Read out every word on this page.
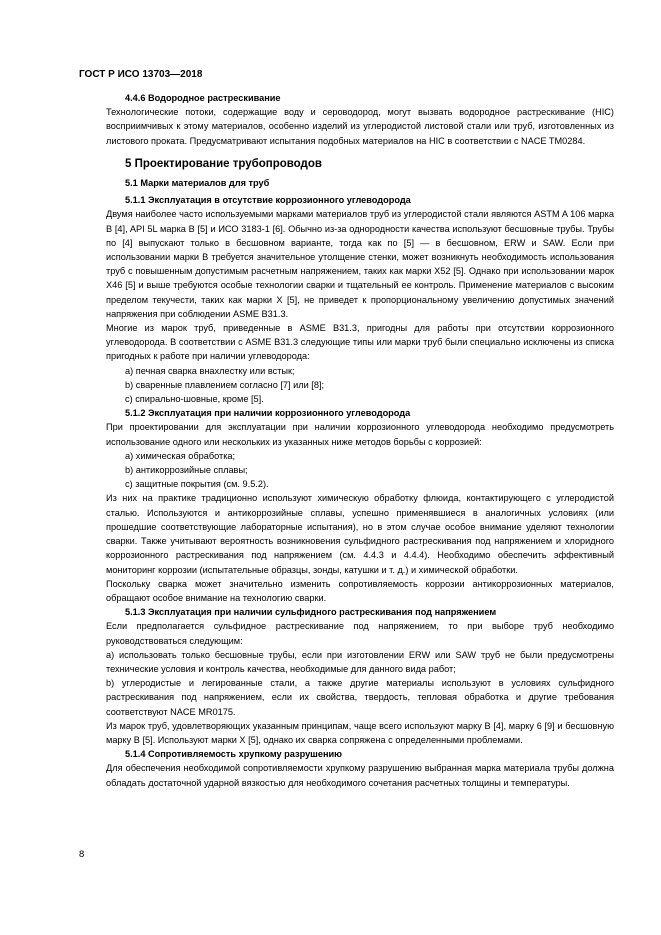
ГОСТ Р ИСО 13703—2018

4.4.6 Водородное растрескивание

Технологические потоки, содержащие воду и сероводород, могут вызвать водородное растрескивание (HIC) восприимчивых к этому материалов, особенно изделий из углеродистой листовой стали или труб, изготовленных из листового проката. Предусматривают испытания подобных материалов на HIC в соответствии с NACE TM0284.

5 Проектирование трубопроводов

5.1 Марки материалов для труб

5.1.1 Эксплуатация в отсутствие коррозионного углеводорода

Двумя наиболее часто используемыми марками материалов труб из углеродистой стали являются ASTM A 106 марка B [4], API 5L марка B [5] и ИСО 3183-1 [6]. Обычно из-за однородности качества используют бесшовные трубы. Трубы по [4] выпускают только в бесшовном варианте, тогда как по [5] — в бесшовном, ERW и SAW. Если при использовании марки B требуется значительное утолщение стенки, может возникнуть необходимость использования труб с повышенным допустимым расчетным напряжением, таких как марки X52 [5]. Однако при использовании марок X46 [5] и выше требуются особые технологии сварки и тщательный ее контроль. Применение материалов с высоким пределом текучести, таких как марки X [5], не приведет к пропорциональному увеличению допустимых значений напряжения при соблюдении ASME B31.3.

Многие из марок труб, приведенные в ASME B31.3, пригодны для работы при отсутствии коррозионного углеводорода. В соответствии с ASME B31.3 следующие типы или марки труб были специально исключены из списка пригодных к работе при наличии углеводорода:

a) печная сварка внахлестку или встык;

b) сваренные плавлением согласно [7] или [8];

c) спирально-шовные, кроме [5].

5.1.2 Эксплуатация при наличии коррозионного углеводорода

При проектировании для эксплуатации при наличии коррозионного углеводорода необходимо предусмотреть использование одного или нескольких из указанных ниже методов борьбы с коррозией:

a) химическая обработка;

b) антикоррозийные сплавы;

c) защитные покрытия (см. 9.5.2).

Из них на практике традиционно используют химическую обработку флюида, контактирующего с углеродистой сталью. Используются и антикоррозийные сплавы, успешно применявшиеся в аналогичных условиях (или прошедшие соответствующие лабораторные испытания), но в этом случае особое внимание уделяют технологии сварки. Также учитывают вероятность возникновения сульфидного растрескивания под напряжением и хлоридного коррозионного растрескивания под напряжением (см. 4.4.3 и 4.4.4). Необходимо обеспечить эффективный мониторинг коррозии (испытательные образцы, зонды, катушки и т. д.) и химической обработки.

Поскольку сварка может значительно изменить сопротивляемость коррозии антикоррозионных материалов, обращают особое внимание на технологию сварки.

5.1.3 Эксплуатация при наличии сульфидного растрескивания под напряжением

Если предполагается сульфидное растрескивание под напряжением, то при выборе труб необходимо руководствоваться следующим:

a) использовать только бесшовные трубы, если при изготовлении ERW или SAW труб не были предусмотрены технические условия и контроль качества, необходимые для данного вида работ;

b) углеродистые и легированные стали, а также другие материалы используют в условиях сульфидного растрескивания под напряжением, если их свойства, твердость, тепловая обработка и другие требования соответствуют NACE MR0175.

Из марок труб, удовлетворяющих указанным принципам, чаще всего используют марку B [4], марку 6 [9] и бесшовную марку B [5]. Используют марки X [5], однако их сварка сопряжена с определенными проблемами.

5.1.4 Сопротивляемость хрупкому разрушению

Для обеспечения необходимой сопротивляемости хрупкому разрушению выбранная марка материала трубы должна обладать достаточной ударной вязкостью для необходимого сочетания расчетных толщины и температуры.

8
